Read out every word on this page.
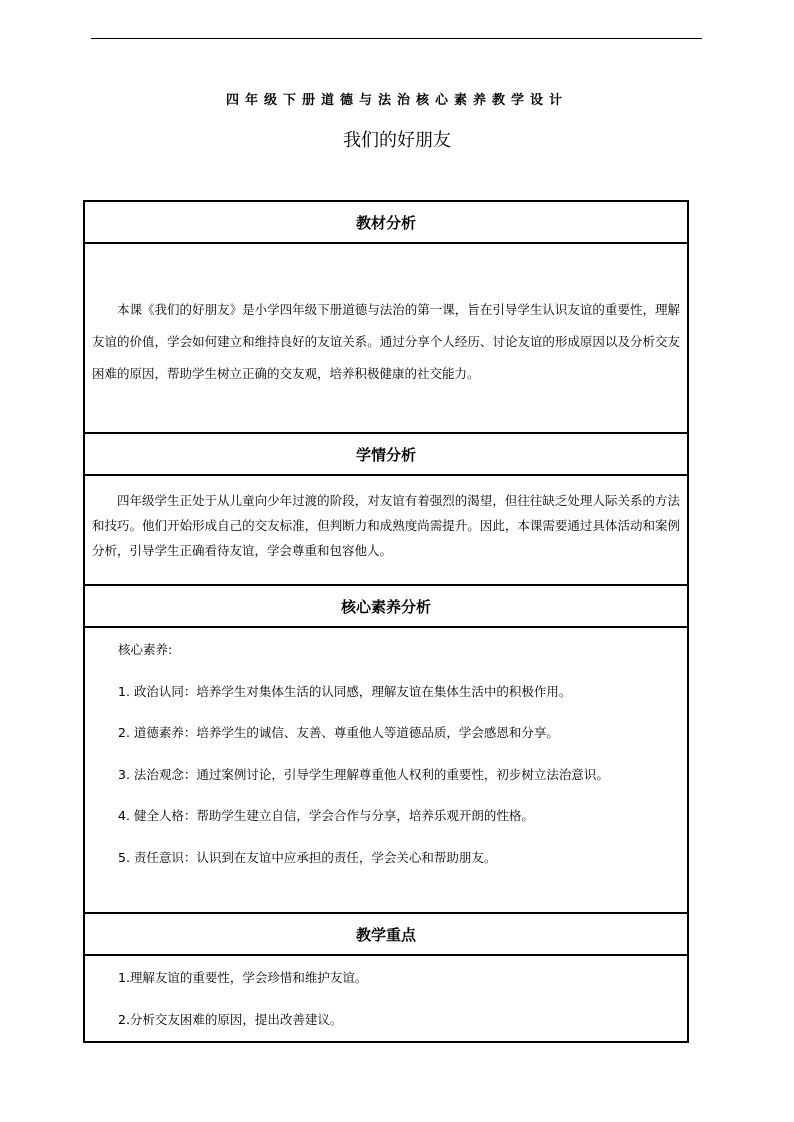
四年级下册道德与法治核心素养教学设计
我们的好朋友
教材分析

本课《我们的好朋友》是小学四年级下册道德与法治的第一课，旨在引导学生认识友谊的重要性，理解友谊的价值，学会如何建立和维持良好的友谊关系。通过分享个人经历、讨论友谊的形成原因以及分析交友困难的原因，帮助学生树立正确的交友观，培养积极健康的社交能力。

学情分析

四年级学生正处于从儿童向少年过渡的阶段，对友谊有着强烈的渴望，但往往缺乏处理人际关系的方法和技巧。他们开始形成自己的交友标准，但判断力和成熟度尚需提升。因此，本课需要通过具体活动和案例分析，引导学生正确看待友谊，学会尊重和包容他人。

核心素养分析
核心素养:
1. 政治认同：培养学生对集体生活的认同感，理解友谊在集体生活中的积极作用。
2. 道德素养：培养学生的诚信、友善、尊重他人等道德品质，学会感恩和分享。
3. 法治观念：通过案例讨论，引导学生理解尊重他人权利的重要性，初步树立法治意识。
4. 健全人格：帮助学生建立自信，学会合作与分享，培养乐观开朗的性格。
5. 责任意识：认识到在友谊中应承担的责任，学会关心和帮助朋友。
教学重点
1.理解友谊的重要性，学会珍惜和维护友谊。
2.分析交友困难的原因，提出改善建议。
